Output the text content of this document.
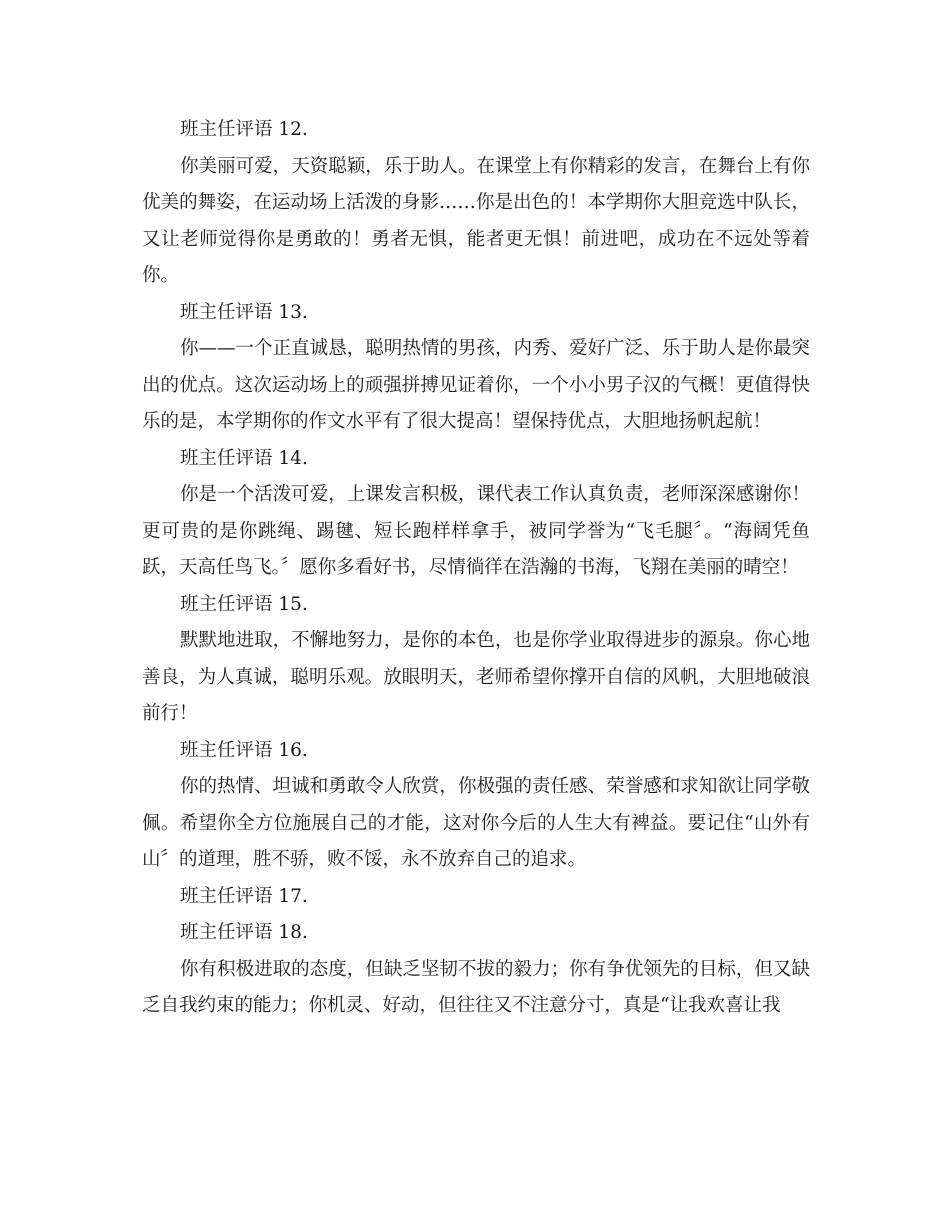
班主任评语 12.

你美丽可爱，天资聪颖，乐于助人。在课堂上有你精彩的发言，在舞台上有你优美的舞姿，在运动场上活泼的身影……你是出色的！本学期你大胆竞选中队长，又让老师觉得你是勇敢的！勇者无惧，能者更无惧！前进吧，成功在不远处等着你。

班主任评语 13.

你——一个正直诚恳，聪明热情的男孩，内秀、爱好广泛、乐于助人是你最突出的优点。这次运动场上的顽强拼搏见证着你，一个小小男子汉的气概！更值得快乐的是，本学期你的作文水平有了很大提高！望保持优点，大胆地扬帆起航！

班主任评语 14.

你是一个活泼可爱，上课发言积极，课代表工作认真负责，老师深深感谢你！更可贵的是你跳绳、踢毽、短长跑样样拿手，被同学誉为“飞毛腿〞。“海阔凭鱼跃，天高任鸟飞。〞愿你多看好书，尽情徜徉在浩瀚的书海，飞翔在美丽的晴空！

班主任评语 15.

默默地进取，不懈地努力，是你的本色，也是你学业取得进步的源泉。你心地善良，为人真诚，聪明乐观。放眼明天，老师希望你撑开自信的风帆，大胆地破浪前行！

班主任评语 16.

你的热情、坦诚和勇敢令人欣赏，你极强的责任感、荣誉感和求知欲让同学敬佩。希望你全方位施展自己的才能，这对你今后的人生大有裨益。要记住“山外有山〞的道理，胜不骄，败不馁，永不放弃自己的追求。

班主任评语 17.

班主任评语 18.

你有积极进取的态度，但缺乏坚韧不拔的毅力；你有争优领先的目标，但又缺乏自我约束的能力；你机灵、好动，但往往又不注意分寸，真是“让我欢喜让我
